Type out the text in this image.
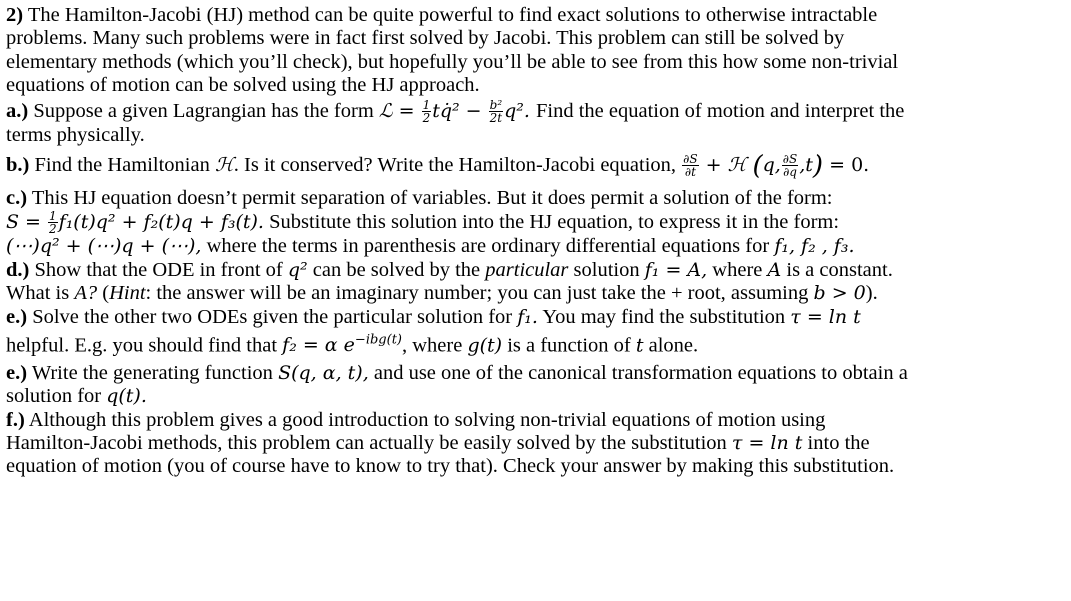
2) The Hamilton-Jacobi (HJ) method can be quite powerful to find exact solutions to otherwise intractable
problems. Many such problems were in fact first solved by Jacobi. This problem can still be solved by
elementary methods (which you’ll check), but hopefully you’ll be able to see from this how some non-trivial
equations of motion can be solved using the HJ approach.
a.) Suppose a given Lagrangian has the form ℒ = $\frac{1}{2}$ tq̇² − $\frac{\text{b²}}{2t} q^2$. Find the equation of motion and interpret the
terms physically.
b.) Find the Hamiltonian ℋ. Is it conserved? Write the Hamilton-Jacobi equation, $\frac{\partial S}{\partial t}$ + ℋ (q, $\frac{\partial S}{\partial q} ,t) = 0$.
c.) This HJ equation doesn’t permit separation of variables. But it does permit a solution of the form:
$S = \frac{1}{2} f_1(t)q^2 + f_2(t)q + f_3(t)$. Substitute this solution into the HJ equation, to express it in the form:
(⋯)q² + (⋯)q + (⋯), where the terms in parenthesis are ordinary differential equations for f₁, f₂ , f₃.
d.) Show that the ODE in front of q² can be solved by the particular solution f₁ = A, where A is a constant.
What is A? (Hint: the answer will be an imaginary number; you can just take the + root, assuming b > 0).
e.) Solve the other two ODEs given the particular solution for f₁. You may find the substitution τ = ln t
helpful. E.g. you should find that f₂ = α $e^{-ibg(t)}$, where g(t) is a function of t alone.
e.) Write the generating function S(q, α, t), and use one of the canonical transformation equations to obtain a
solution for q(t).
f.) Although this problem gives a good introduction to solving non-trivial equations of motion using
Hamilton-Jacobi methods, this problem can actually be easily solved by the substitution τ = ln t into the
equation of motion (you of course have to know to try that). Check your answer by making this substitution.
